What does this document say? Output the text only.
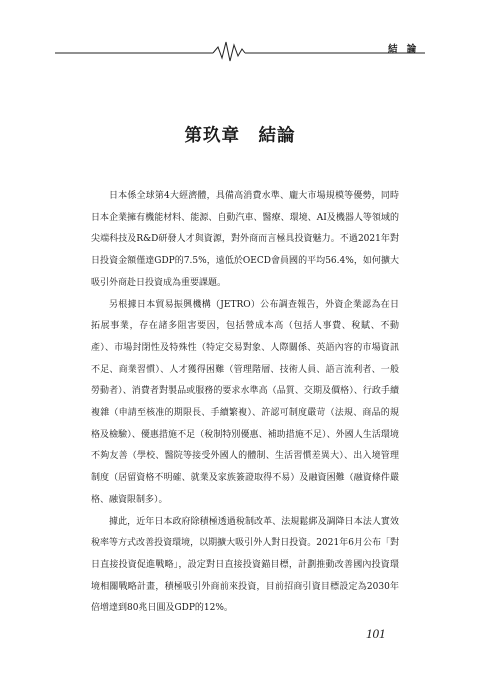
結 論
第玖章　結論

日本係全球第4大經濟體，具備高消費水準、龐大市場規模等優勢，同時日本企業擁有機能材料、能源、自動汽車、醫療、環境、AI及機器人等領域的尖端科技及R&D研發人才與資源，對外商而言極具投資魅力。不過2021年對日投資金額僅達GDP的7.5%，遠低於OECD會員國的平均56.4%，如何擴大吸引外商赴日投資成為重要課題。

另根據日本貿易振興機構（JETRO）公布調查報告，外資企業認為在日拓展事業，存在諸多阻害要因，包括營成本高（包括人事費、稅賦、不動產）、市場封閉性及特殊性（特定交易對象、人際關係、英語內容的市場資訊不足、商業習慣）、人才獲得困難（管理階層、技術人員、語言流利者、一般勞動者）、消費者對製品或服務的要求水準高（品質、交期及價格）、行政手續複雜（申請至核准的期限長、手續繁複）、許認可制度嚴苛（法規、商品的規格及檢驗）、優惠措施不足（稅制特別優惠、補助措施不足）、外國人生活環境不夠友善（學校、醫院等接受外國人的體制、生活習慣差異大）、出入境管理制度（居留資格不明確、就業及家族簽證取得不易）及融資困難（融資條件嚴格、融資限制多）。

據此，近年日本政府除積極透過稅制改革、法規鬆綁及調降日本法人實效稅率等方式改善投資環境，以期擴大吸引外人對日投資。2021年6月公布「對日直接投資促進戰略」，設定對日直接投資錨目標，計劃推動改善國內投資環境相關戰略計畫，積極吸引外商前來投資，目前招商引資目標設定為2030年倍增達到80兆日圓及GDP的12%。

101
